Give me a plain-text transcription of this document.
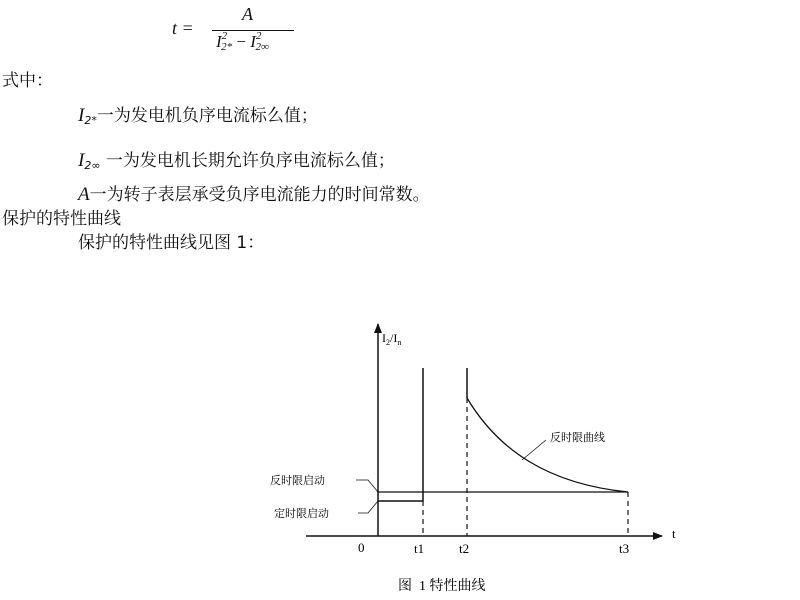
t =
A
$I^2_{2*} - I^2_{2\infty}$
式中：
$I_{2*}$一为发电机负序电流标么值；
$I_{2\infty}$ 一为发电机长期允许负序电流标么值；
A一为转子表层承受负序电流能力的时间常数。
保护的特性曲线
保护的特性曲线见图 1：
$I_2/I_n$
t
0
反时限曲线
反时限启动
定时限启动
t1	t2	t3
图  1 特性曲线
